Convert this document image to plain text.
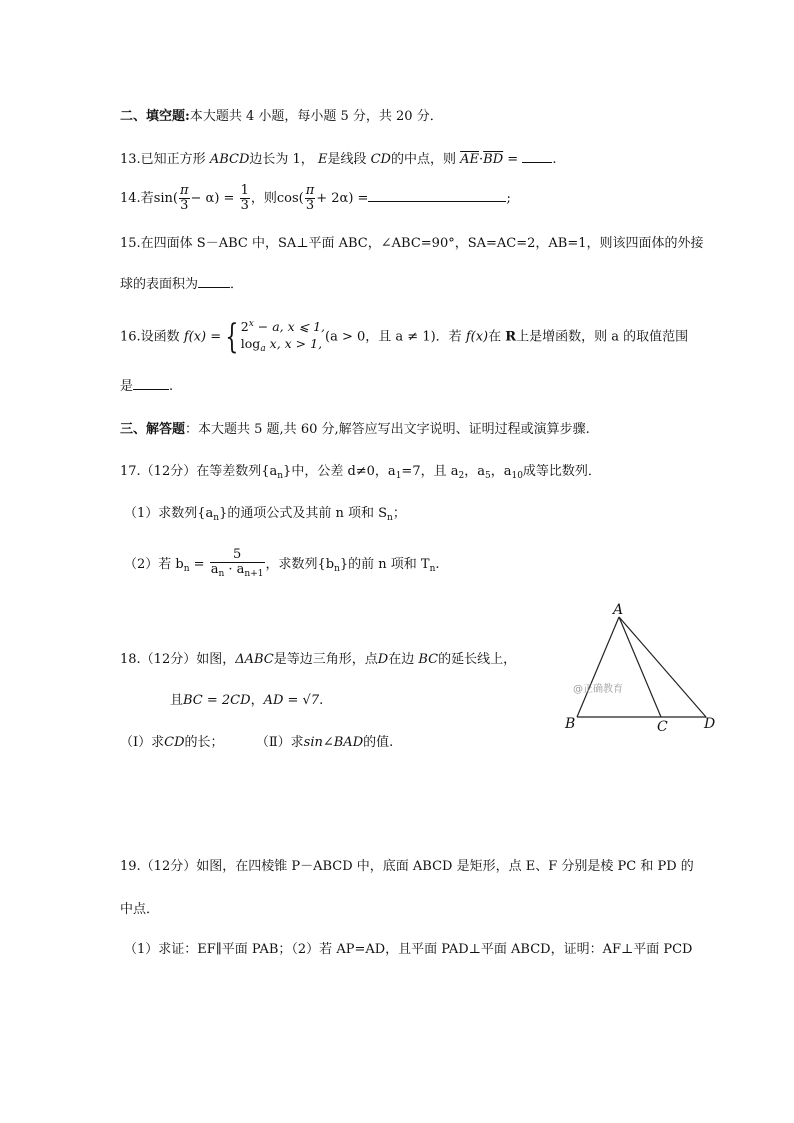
二、填空题:本大题共 4 小题，每小题 5 分，共 20 分．
13.已知正方形 ABCD边长为 1， E是线段 CD的中点，则 $\overline{AE}\cdot\overline{BD}$ =	.
14.若$\sin( \frac{\pi}{3} - \alpha) = \frac{1}{3}$ ，则$\cos( \frac{\pi}{3} + 2\alpha)$ =	;
15.在四面体 S－ABC 中，SA⊥平面 ABC，∠ABC=90°，SA=AC=2，AB=1，则该四面体的外接
球的表面积为 ．
16.设函数 f(x) = { $2^x - a$, x ⩽ 1,
$\log_a x$, x > 1, (a > 0，且 a ≠ 1)．若 f(x)在 R上是增函数，则 a 的取值范围
是	.
三、解答题：本大题共 5 题,共 60 分,解答应写出文字说明、证明过程或演算步骤.
17.（12分）在等差数列$\{a_n\}$中，公差 d≠0，$a_1=7$，且 $a_2$，$a_5$，$a_{10}$成等比数列．
（1）求数列$\{a_n\}$的通项公式及其前 n 项和 $S_n$；
（2）若 $b_n = \frac{5}{a_n \cdot a_{n+1}}$ ，求数列$\{b_n\}$的前 n 项和 $T_n$.
18.（12分）如图，ΔABC是等边三角形，点D在边 BC的延长线上，
且BC = 2CD，AD = √7.
（Ⅰ）求CD的长； （Ⅱ）求sin∠BAD的值.
A
B	C	D
@正确教育
19.（12分）如图，在四棱锥 P－ABCD 中，底面 ABCD 是矩形，点 E、F 分别是棱 PC 和 PD 的
中点．
（1）求证：EF∥平面 PAB；（2）若 AP=AD，且平面 PAD⊥平面 ABCD，证明：AF⊥平面 PCD
